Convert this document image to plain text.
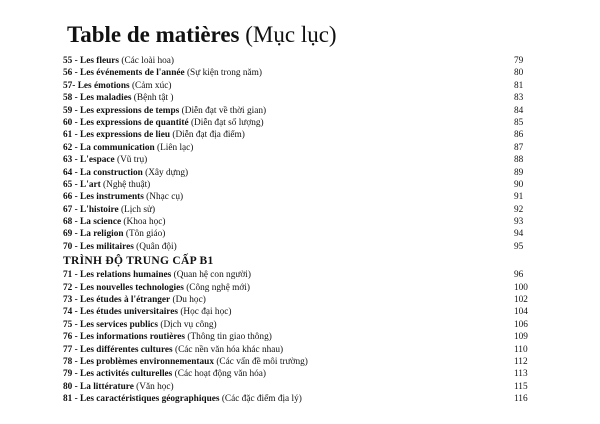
Table de matières (Mục lục)
55 - Les fleurs (Các loài hoa)	79
56 - Les événements de l'année (Sự kiện trong năm)	80
57- Les émotions (Cảm xúc)	81
58 - Les maladies (Bệnh tật )	83
59 - Les expressions de temps (Diễn đạt về thời gian)	84
60 - Les expressions de quantité (Diễn đạt số lượng)	85
61 - Les expressions de lieu (Diễn đạt địa điểm)	86
62 - La communication (Liên lạc)	87
63 - L'espace (Vũ trụ)	88
64 - La construction (Xây dựng)	89
65 - L'art (Nghệ thuật)	90
66 - Les instruments (Nhạc cụ)	91
67 - L'histoire (Lịch sử)	92
68 - La science (Khoa học)	93
69 - La religion (Tôn giáo)	94
70 - Les militaires (Quân đội)	95
TRÌNH ĐỘ TRUNG CẤP B1
71 - Les relations humaines (Quan hệ con người)	96
72 - Les nouvelles technologies (Công nghệ mới)	100
73 - Les études à l'étranger (Du học)	102
74 - Les études universitaires (Học đại học)	104
75 - Les services publics (Dịch vụ công)	106
76 - Les informations routières (Thông tin giao thông)	109
77 - Les différentes cultures (Các nền văn hóa khác nhau)	110
78 - Les problèmes environnementaux (Các vấn đề môi trường)	112
79 - Les activités culturelles (Các hoạt động văn hóa)	113
80 - La littérature (Văn học)	115
81 - Les caractéristiques géographiques (Các đặc điểm địa lý)	116
